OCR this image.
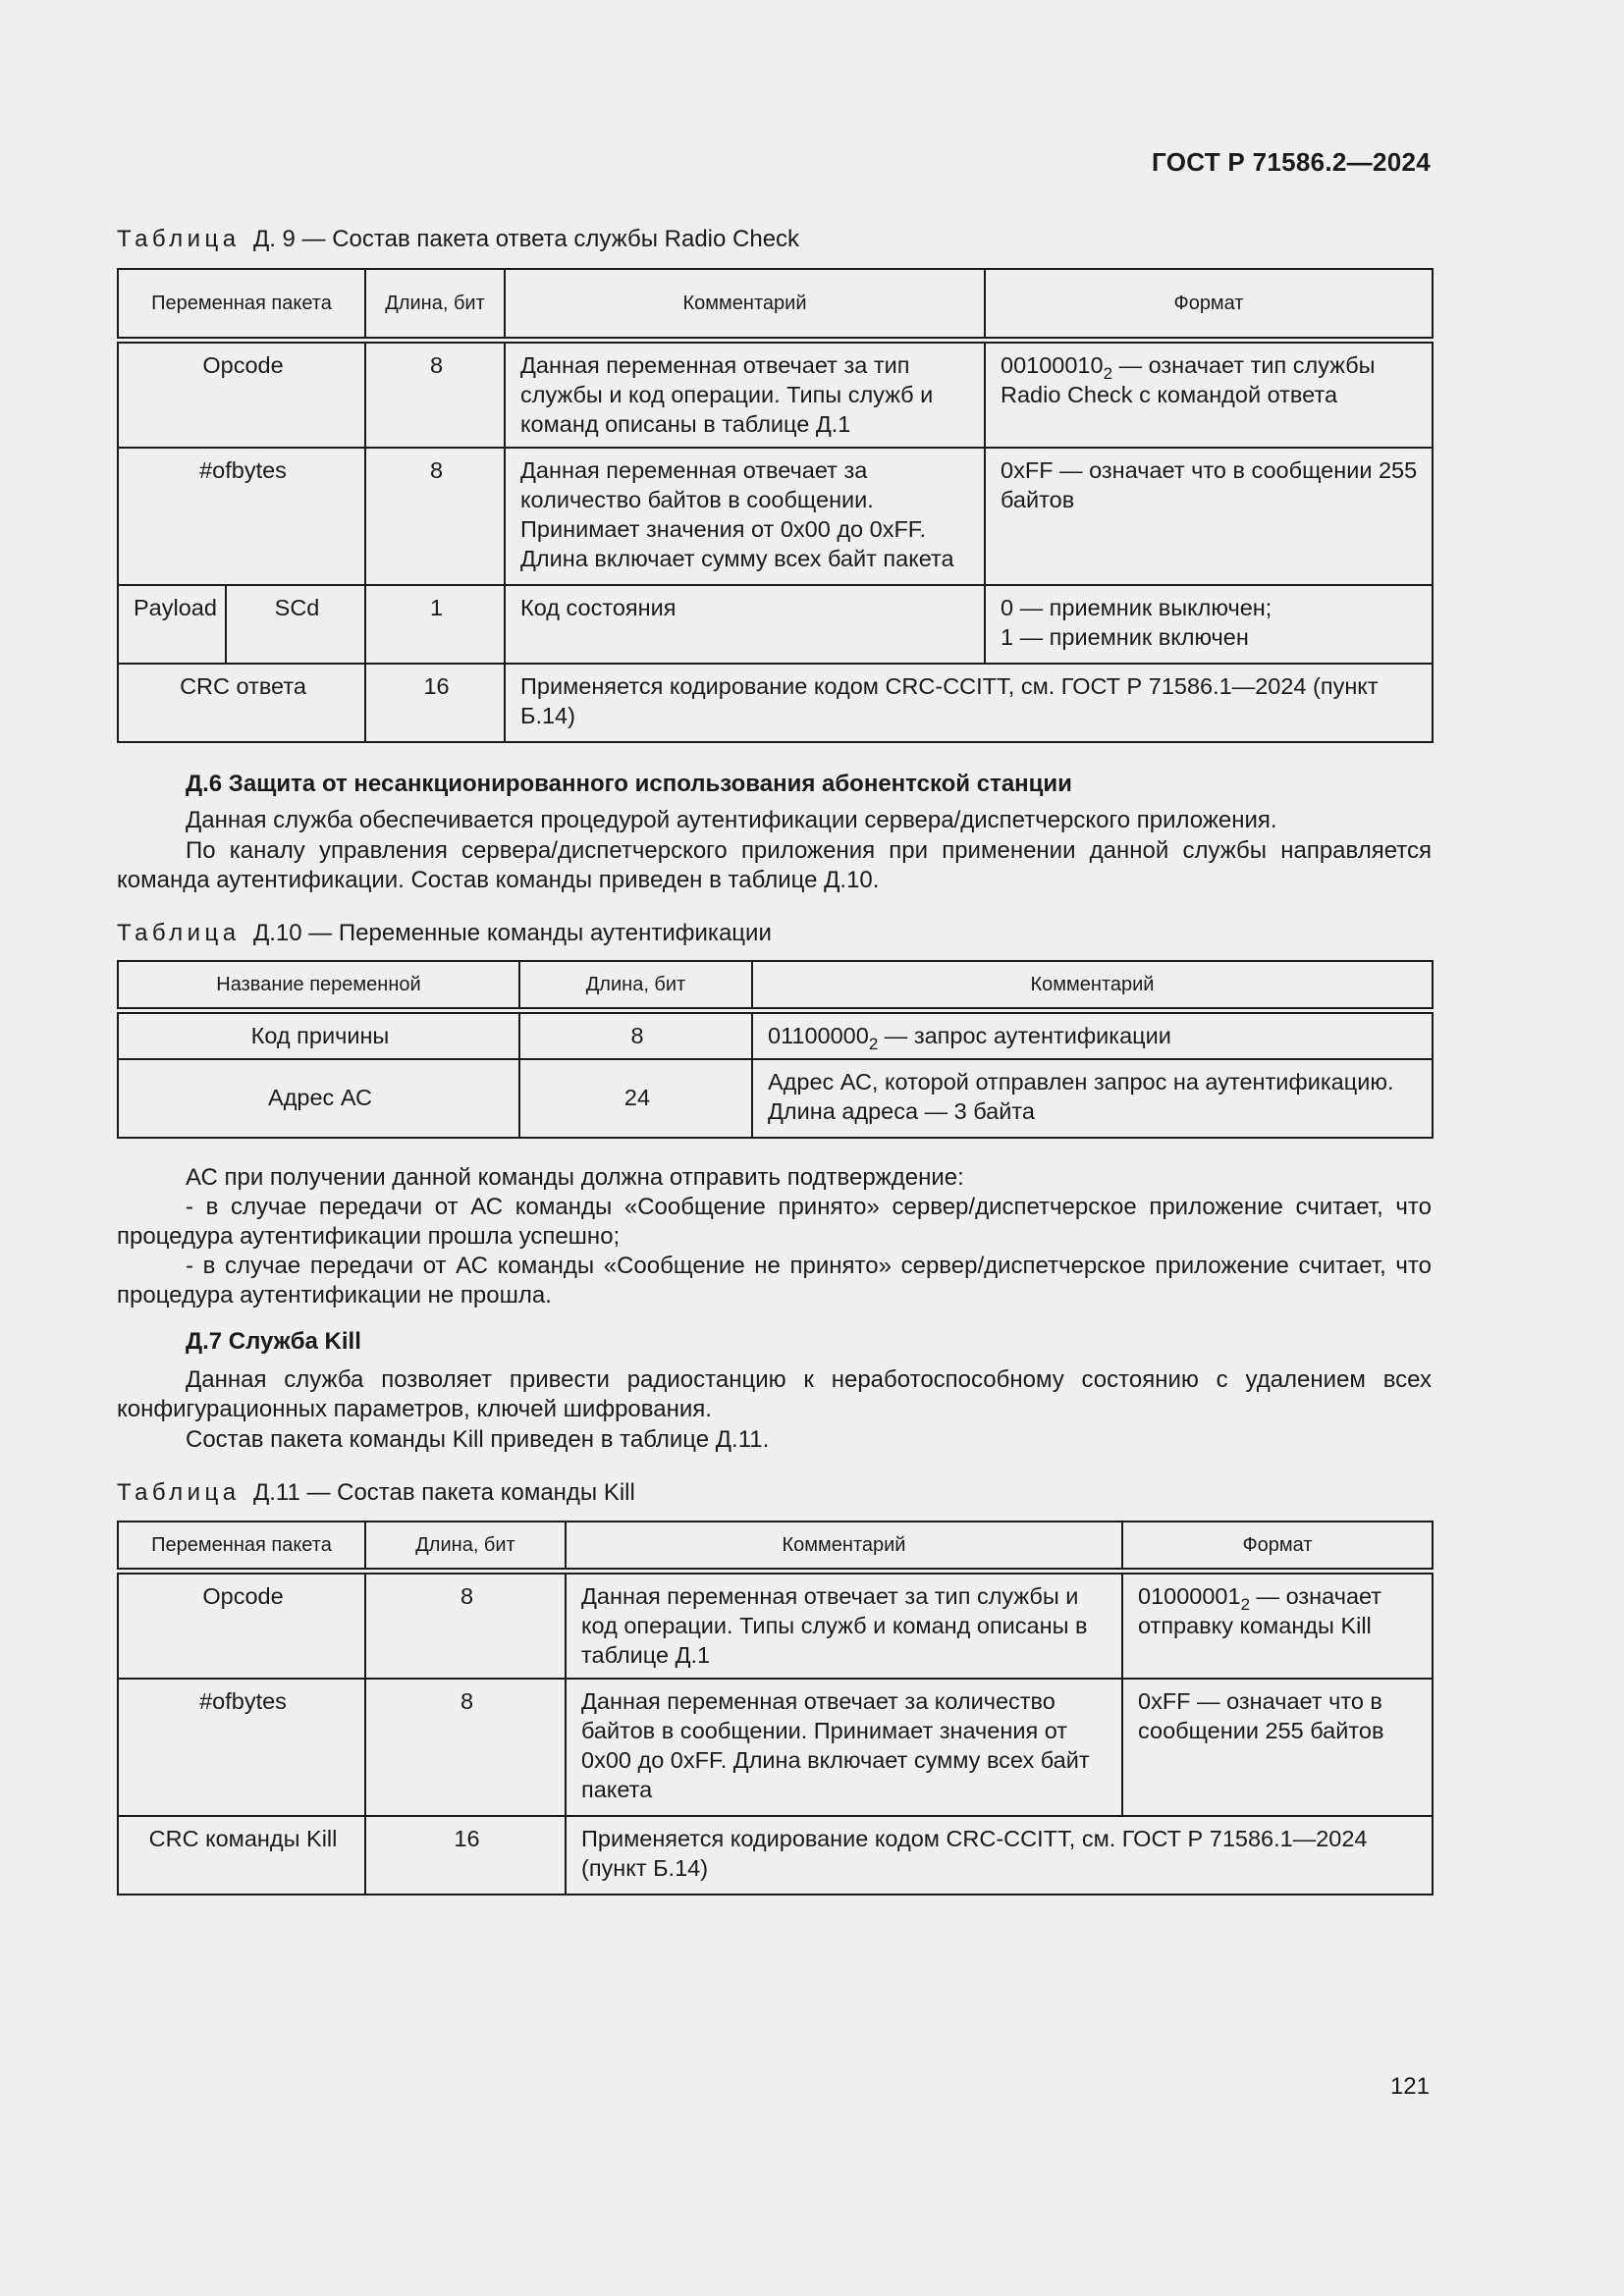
ГОСТ Р 71586.2—2024
Таблица Д. 9 — Состав пакета ответа службы Radio Check
Переменная пакета		Длина, бит	Комментарий	Формат
Opcode		8	Данная переменная отвечает за тип службы и код операции. Типы служб и команд описаны в таблице Д.1	$00100010_2$ — означает тип службы Radio Check с командой ответа
#ofbytes		8	Данная переменная отвечает за количество байтов в сообщении. Принимает значения от 0x00 до 0xFF. Длина включает сумму всех байт пакета	0xFF — означает что в сообщении 255 байтов
Payload	SCd	1	Код состояния	0 — приемник выключен;
1 — приемник включен

CRC ответа		16	Применяется кодирование кодом CRC-CCITT, см. ГОСТ Р 71586.1—2024 (пункт Б.14)	
Д.6 Защита от несанкционированного использования абонентской станции
Данная служба обеспечивается процедурой аутентификации сервера/диспетчерского приложения.
По каналу управления сервера/диспетчерского приложения при применении данной службы направляется команда аутентификации. Состав команды приведен в таблице Д.10.
Таблица Д.10 — Переменные команды аутентификации
Название переменной	Длина, бит	Комментарий
Код причины	8	$01100000_2$ — запрос аутентификации
Адрес АС	24	Адрес АС, которой отправлен запрос на аутентификацию. Длина адреса — 3 байта
АС при получении данной команды должна отправить подтверждение:
- в случае передачи от АС команды «Сообщение принято» сервер/диспетчерское приложение считает, что процедура аутентификации прошла успешно;
- в случае передачи от АС команды «Сообщение не принято» сервер/диспетчерское приложение считает, что процедура аутентификации не прошла.
Д.7 Служба Kill
Данная служба позволяет привести радиостанцию к неработоспособному состоянию с удалением всех конфигурационных параметров, ключей шифрования.
Состав пакета команды Kill приведен в таблице Д.11.
Таблица Д.11 — Состав пакета команды Kill
Переменная пакета	Длина, бит	Комментарий	Формат
Opcode	8	Данная переменная отвечает за тип службы и код операции. Типы служб и команд описаны в таблице Д.1	$01000001_2$ — означает отправку команды Kill
#ofbytes	8	Данная переменная отвечает за количество байтов в сообщении. Принимает значения от 0x00 до 0xFF. Длина включает сумму всех байт пакета	0xFF — означает что в сообщении 255 байтов
CRC команды Kill	16	Применяется кодирование кодом CRC-CCITT, см. ГОСТ Р 71586.1—2024 (пункт Б.14)	
121
